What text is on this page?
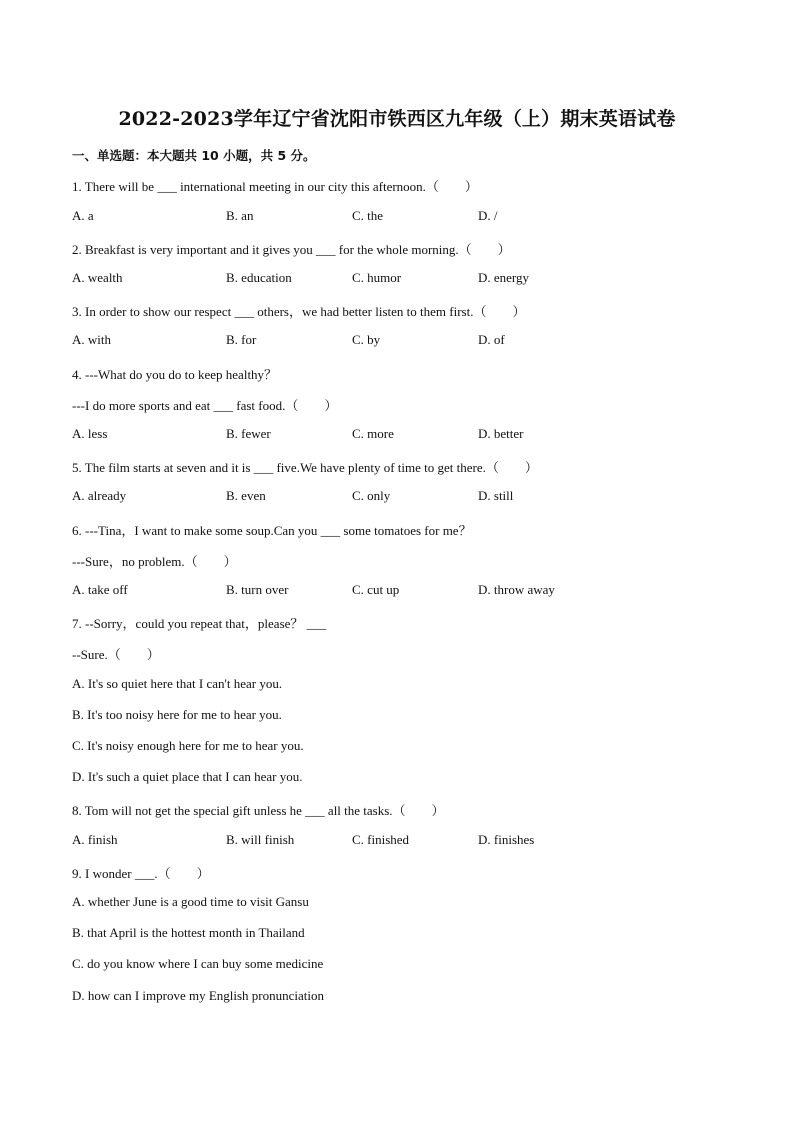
2022-2023学年辽宁省沈阳市铁西区九年级（上）期末英语试卷
一、单选题：本大题共 10 小题，共 5 分。
1. There will be ___ international meeting in our city this afternoon.（　　）
A. a	B. an	C. the	D. /
2. Breakfast is very important and it gives you ___ for the whole morning.（　　）
A. wealth	B. education	C. humor	D. energy
3. In order to show our respect ___ others，we had better listen to them first.（　　）
A. with	B. for	C. by	D. of
4. ---What do you do to keep healthy？
---I do more sports and eat ___ fast food.（　　）
A. less	B. fewer	C. more	D. better
5. The film starts at seven and it is ___ five.We have plenty of time to get there.（　　）
A. already	B. even	C. only	D. still
6. ---Tina，I want to make some soup.Can you ___ some tomatoes for me？
---Sure，no problem.（　　）
A. take off	B. turn over	C. cut up	D. throw away
7. --Sorry，could you repeat that，please？ ___
--Sure.（　　）
A. It's so quiet here that I can't hear you.
B. It's too noisy here for me to hear you.
C. It's noisy enough here for me to hear you.
D. It's such a quiet place that I can hear you.
8. Tom will not get the special gift unless he ___ all the tasks.（　　）
A. finish	B. will finish	C. finished	D. finishes
9. I wonder ___.（　　）
A. whether June is a good time to visit Gansu
B. that April is the hottest month in Thailand
C. do you know where I can buy some medicine
D. how can I improve my English pronunciation
